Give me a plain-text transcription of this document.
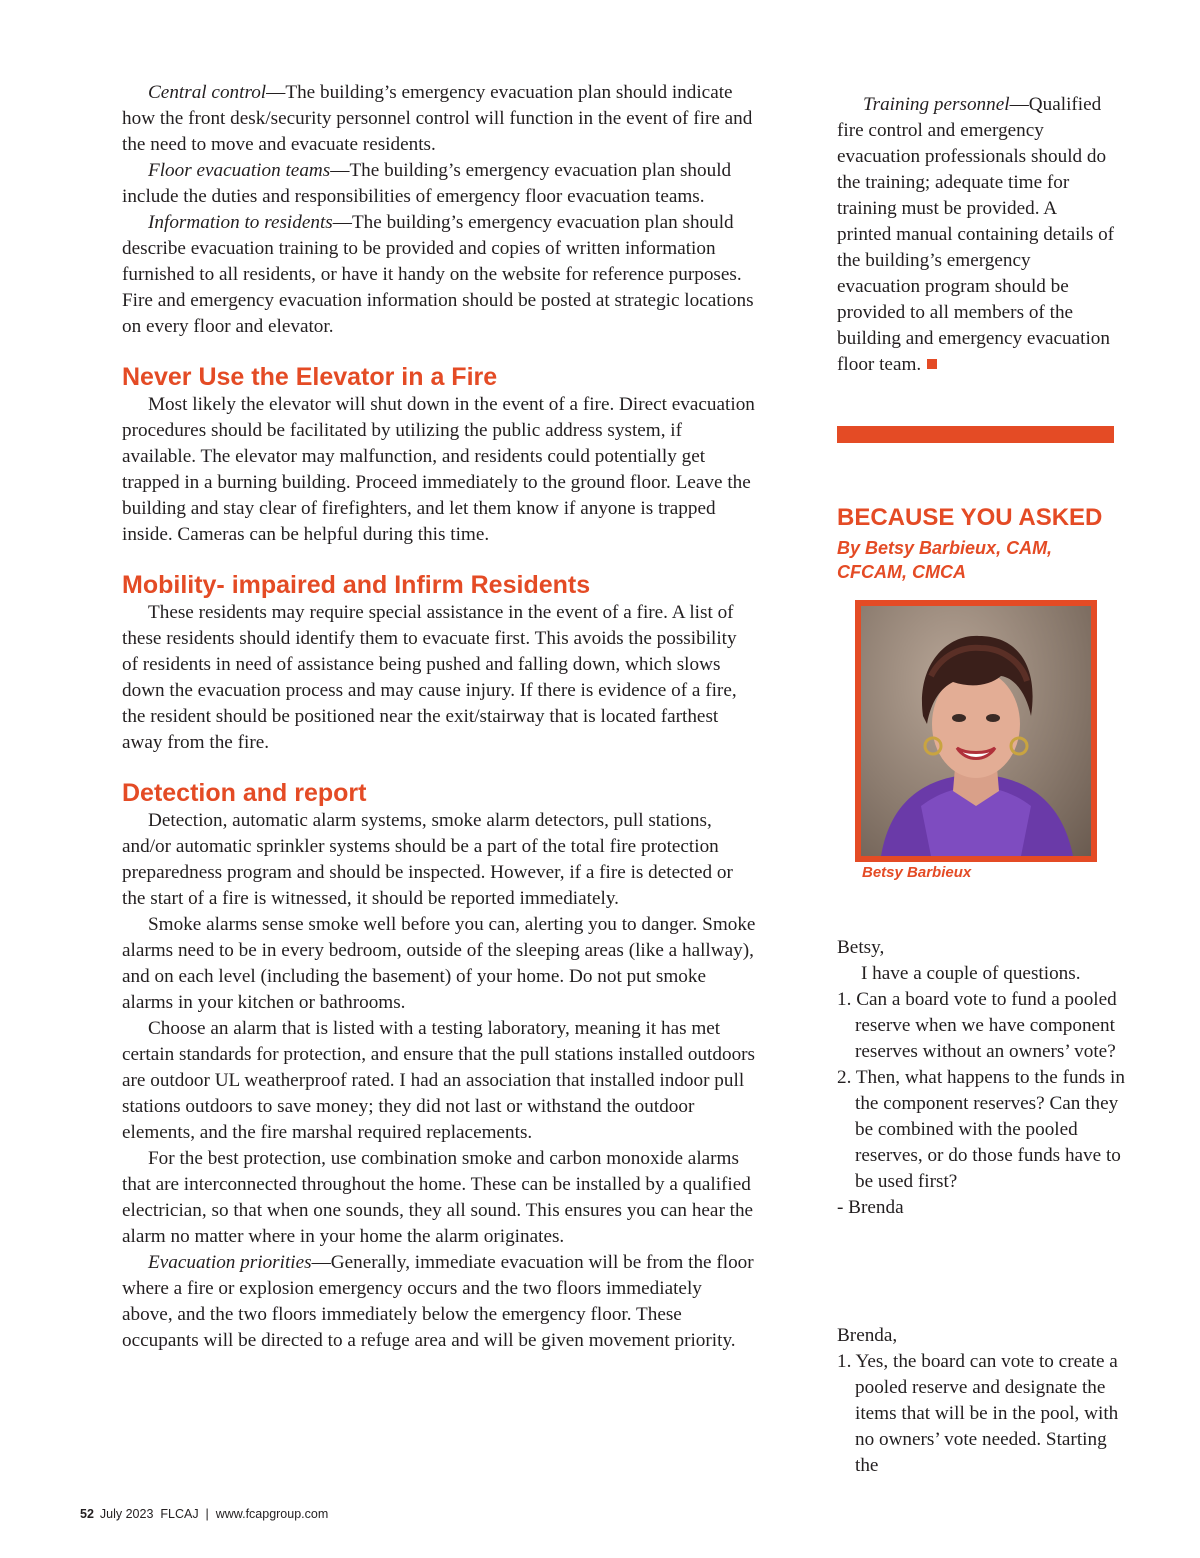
Central control—The building’s emergency evacuation plan should indicate how the front desk/security personnel control will function in the event of fire and the need to move and evacuate residents.

Floor evacuation teams—The building’s emergency evacuation plan should include the duties and responsibilities of emergency floor evacuation teams.

Information to residents—The building’s emergency evacuation plan should describe evacuation training to be provided and copies of written information furnished to all residents, or have it handy on the website for reference purposes. Fire and emergency evacuation information should be posted at strategic locations on every floor and elevator.

Never Use the Elevator in a Fire

Most likely the elevator will shut down in the event of a fire. Direct evacuation procedures should be facilitated by utilizing the public address system, if available. The elevator may malfunction, and residents could potentially get trapped in a burning building. Proceed immediately to the ground floor. Leave the building and stay clear of firefighters, and let them know if anyone is trapped inside. Cameras can be helpful during this time.

Mobility- impaired and Infirm Residents

These residents may require special assistance in the event of a fire. A list of these residents should identify them to evacuate first. This avoids the possibility of residents in need of assistance being pushed and falling down, which slows down the evacuation process and may cause injury. If there is evidence of a fire, the resident should be positioned near the exit/stairway that is located farthest away from the fire.

Detection and report

Detection, automatic alarm systems, smoke alarm detectors, pull stations, and/or automatic sprinkler systems should be a part of the total fire protection preparedness program and should be inspected. However, if a fire is detected or the start of a fire is witnessed, it should be reported immediately.

Smoke alarms sense smoke well before you can, alerting you to danger. Smoke alarms need to be in every bedroom, outside of the sleeping areas (like a hallway), and on each level (including the basement) of your home. Do not put smoke alarms in your kitchen or bathrooms.

Choose an alarm that is listed with a testing laboratory, meaning it has met certain standards for protection, and ensure that the pull stations installed outdoors are outdoor UL weatherproof rated. I had an association that installed indoor pull stations outdoors to save money; they did not last or withstand the outdoor elements, and the fire marshal required replacements.

For the best protection, use combination smoke and carbon monoxide alarms that are interconnected throughout the home. These can be installed by a qualified electrician, so that when one sounds, they all sound. This ensures you can hear the alarm no matter where in your home the alarm originates.

Evacuation priorities—Generally, immediate evacuation will be from the floor where a fire or explosion emergency occurs and the two floors immediately above, and the two floors immediately below the emergency floor. These occupants will be directed to a refuge area and will be given movement priority.

Training personnel—Qualified fire control and emergency evacuation professionals should do the training; adequate time for training must be provided. A printed manual containing details of the building’s emergency evacuation program should be provided to all members of the building and emergency evacuation floor team.

BECAUSE YOU ASKED
By Betsy Barbieux, CAM, CFCAM, CMCA
Betsy Barbieux

Betsy,

I have a couple of questions.

1. Can a board vote to fund a pooled reserve when we have component reserves without an owners’ vote?
2. Then, what happens to the funds in the component reserves? Can they be combined with the pooled reserves, or do those funds have to be used first?

- Brenda

Brenda,

1. Yes, the board can vote to create a pooled reserve and designate the items that will be in the pool, with no owners’ vote needed. Starting the
52 July 2023  FLCAJ  |  www.fcapgroup.com
